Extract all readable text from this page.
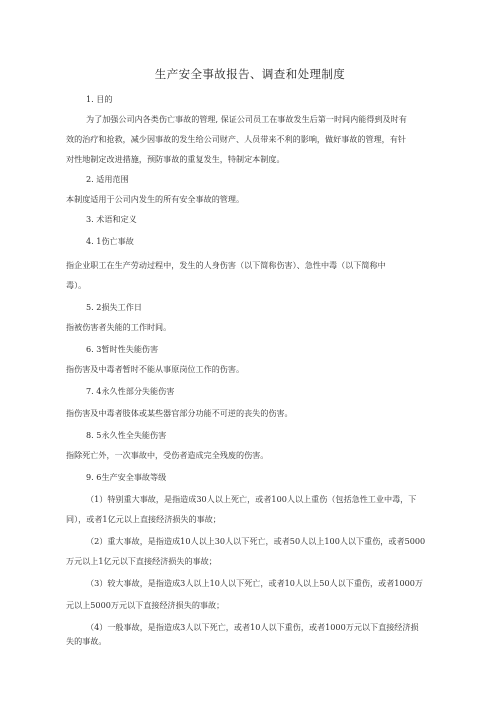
生产安全事故报告、调查和处理制度
1. 目的
为了加强公司内各类伤亡事故的管理, 保证公司员工在事故发生后第一时间内能得到及时有
效的治疗和抢救，减少因事故的发生给公司财产、人员带来不利的影响，做好事故的管理，有针
对性地制定改进措施，预防事故的重复发生，特制定本制度。
2. 适用范围
本制度适用于公司内发生的所有安全事故的管理。
3. 术语和定义
4. 1伤亡事故
指企业职工在生产劳动过程中，发生的人身伤害（以下简称伤害）、急性中毒（以下简称中
毒）。
5. 2损失工作日
指被伤害者失能的工作时间。
6. 3暂时性失能伤害
指伤害及中毒者暂时不能从事原岗位工作的伤害。
7. 4永久性部分失能伤害
指伤害及中毒者肢体或某些器官部分功能不可逆的丧失的伤害。
8. 5永久性全失能伤害
指除死亡外，一次事故中，受伤者造成完全残废的伤害。
9. 6生产安全事故等级
（1）特别重大事故，是指造成30人以上死亡，或者100人以上重伤（包括急性工业中毒，下
同），或者1亿元以上直接经济损失的事故；
（2）重大事故，是指造成10人以上30人以下死亡，或者50人以上100人以下重伤，或者5000
万元以上1亿元以下直接经济损失的事故；
（3）较大事故，是指造成3人以上10人以下死亡，或者10人以上50人以下重伤，或者1000万
元以上5000万元以下直接经济损失的事故；
（4）一般事故，是指造成3人以下死亡，或者10人以下重伤，或者1000万元以下直接经济损
失的事故。
